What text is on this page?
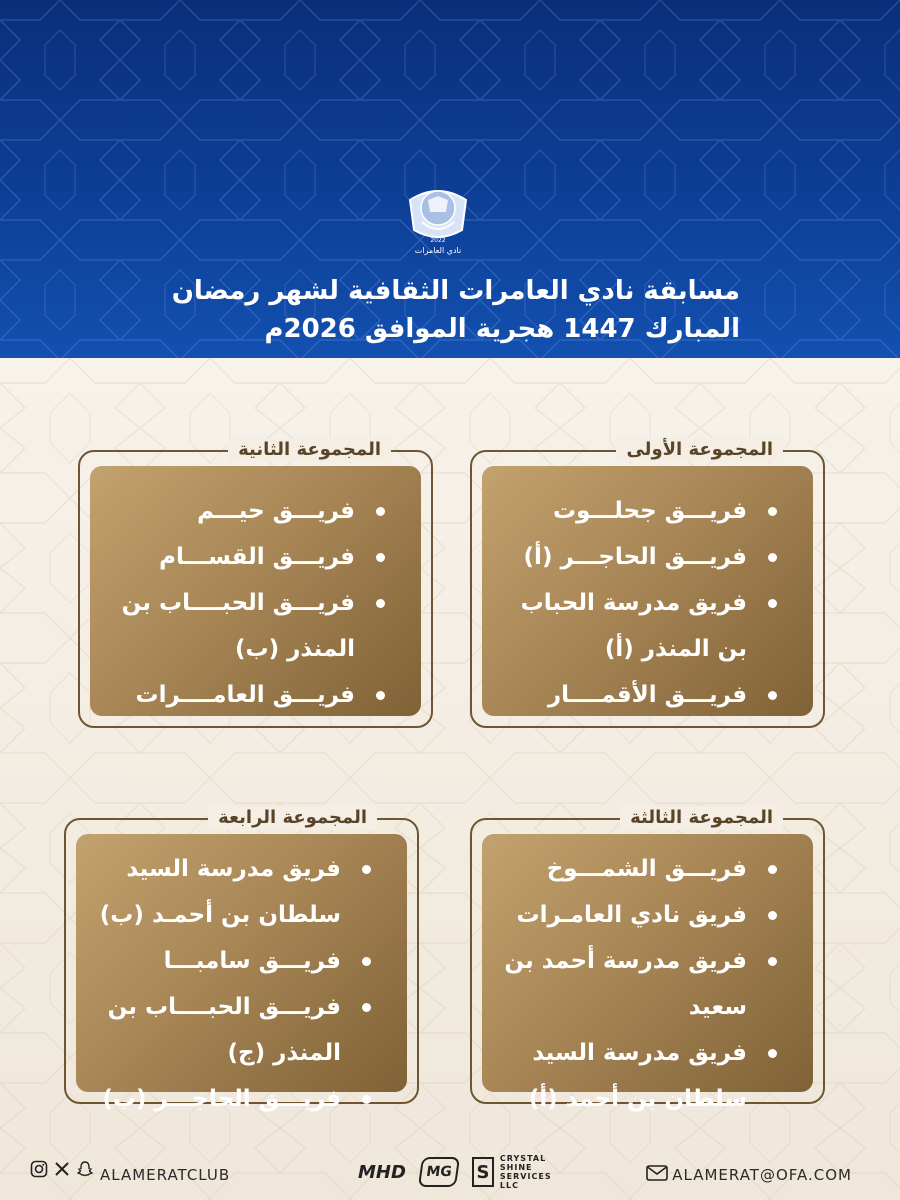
2022
نادي العامرات
مسابقة نادي العامرات الثقافية لشهر رمضان
المبارك 1447 هجرية الموافق 2026م
المجموعة الأولى
فريـــق جحلـــوت
فريـــق الحاجـــر (أ)
فريق مدرسة الحباب بن المنذر (أ)
فريـــق الأقمــــار
المجموعة الثانية
فريـــق حيـــم
فريـــق القســـام
فريـــق الحبــــاب بن المنذر (ب)
فريـــق العامــــرات
المجموعة الثالثة
فريـــق الشمـــوخ
فريق نادي العامـرات
فريق مدرسة أحمد بن سعيد
فريق مدرسة السيد سلطان بن أحمد (أ)
المجموعة الرابعة
فريق مدرسة السيد سلطان بن أحمـد (ب)
فريـــق سامبـــا
فريـــق الحبــــاب بن المنذر (ج)
فريـــق الحاجـــر (ب)
ALAMERATCLUB	MHD MG S
CRYSTAL SHINE SERVICES LLC
ALAMERAT@OFA.COM
